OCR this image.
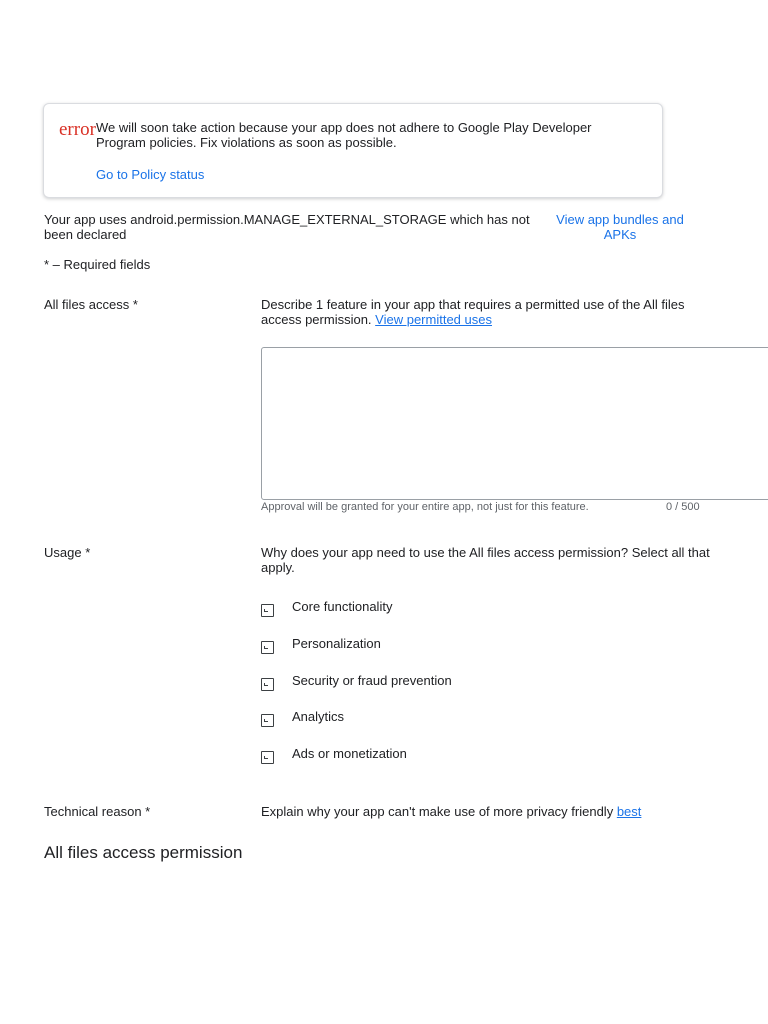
error We will soon take action because your app does not adhere to Google Play Developer Program policies. Fix violations as soon as possible.
Go to Policy status
Your app uses android.permission.MANAGE_EXTERNAL_STORAGE which has not been declared
View app bundles and APKs
* – Required fields
All files access *	Describe 1 feature in your app that requires a permitted use of the All files access permission. View permitted uses
Approval will be granted for your entire app, not just for this feature.	0 / 500
Usage *	Why does your app need to use the All files access permission? Select all that apply.
Core functionality
Personalization
Security or fraud prevention
Analytics
Ads or monetization
Technical reason *	Explain why your app can't make use of more privacy friendly best
All files access permission
